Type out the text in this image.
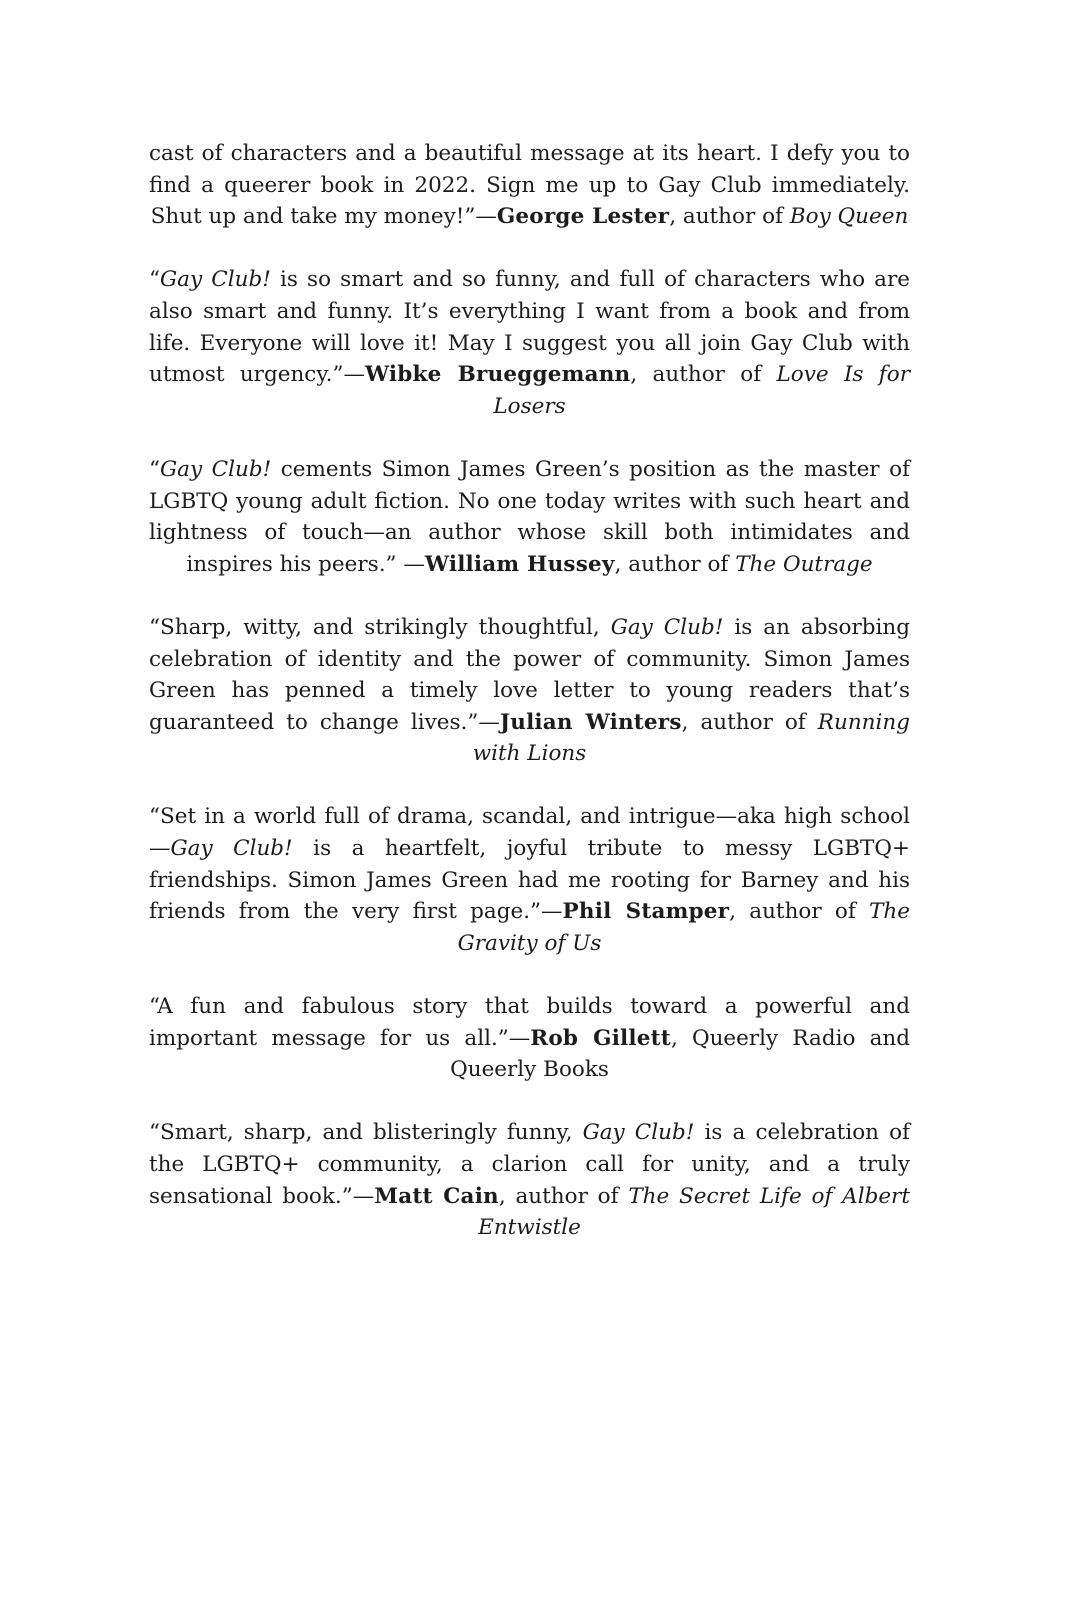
cast of characters and a beautiful message at its heart. I defy you to find a queerer book in 2022. Sign me up to Gay Club immediately. Shut up and take my money!”—George Lester, author of Boy Queen

“Gay Club! is so smart and so funny, and full of characters who are also smart and funny. It’s everything I want from a book and from life. Everyone will love it! May I suggest you all join Gay Club with utmost urgency.”—Wibke Brueggemann, author of Love Is for Losers

“Gay Club! cements Simon James Green’s position as the master of LGBTQ young adult fiction. No one today writes with such heart and lightness of touch—an author whose skill both intimidates and inspires his peers.” —William Hussey, author of The Outrage

“Sharp, witty, and strikingly thoughtful, Gay Club! is an absorbing celebration of identity and the power of community. Simon James Green has penned a timely love letter to young readers that’s guaranteed to change lives.”—Julian Winters, author of Running with Lions

“Set in a world full of drama, scandal, and intrigue—aka high school—Gay Club! is a heartfelt, joyful tribute to messy LGBTQ+ friendships. Simon James Green had me rooting for Barney and his friends from the very first page.”—Phil Stamper, author of The Gravity of Us

“A fun and fabulous story that builds toward a powerful and important message for us all.”—Rob Gillett, Queerly Radio and Queerly Books

“Smart, sharp, and blisteringly funny, Gay Club! is a celebration of the LGBTQ+ community, a clarion call for unity, and a truly sensational book.”—Matt Cain, author of The Secret Life of Albert Entwistle
